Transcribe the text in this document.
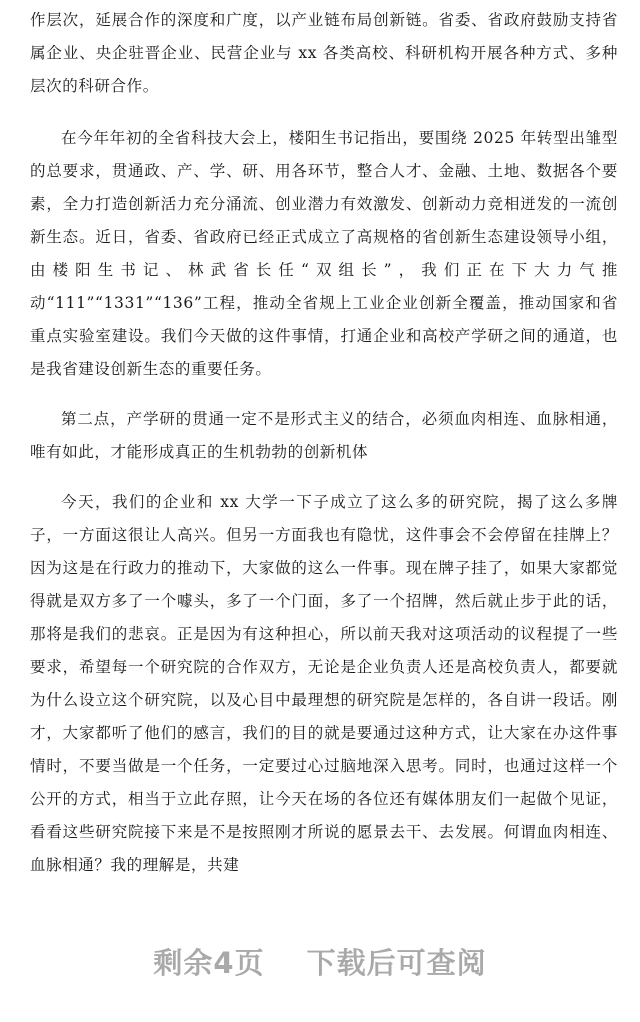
作层次，延展合作的深度和广度，以产业链布局创新链。省委、省政府鼓励支持省属企业、央企驻晋企业、民营企业与 xx 各类高校、科研机构开展各种方式、多种层次的科研合作。

在今年年初的全省科技大会上，楼阳生书记指出，要围绕 2025 年转型出雏型的总要求，贯通政、产、学、研、用各环节，整合人才、金融、土地、数据各个要素，全力打造创新活力充分涌流、创业潜力有效激发、创新动力竞相迸发的一流创新生态。近日，省委、省政府已经正式成立了高规格的省创新生态建设领导小组，由楼阳生书记、林武省长任“双组长”，我们正在下大力气推动“111”“1331”“136”工程，推动全省规上工业企业创新全覆盖，推动国家和省重点实验室建设。我们今天做的这件事情，打通企业和高校产学研之间的通道，也是我省建设创新生态的重要任务。

第二点，产学研的贯通一定不是形式主义的结合，必须血肉相连、血脉相通，唯有如此，才能形成真正的生机勃勃的创新机体

今天，我们的企业和 xx 大学一下子成立了这么多的研究院，揭了这么多牌子，一方面这很让人高兴。但另一方面我也有隐忧，这件事会不会停留在挂牌上？因为这是在行政力的推动下，大家做的这么一件事。现在牌子挂了，如果大家都觉得就是双方多了一个噱头，多了一个门面，多了一个招牌，然后就止步于此的话，那将是我们的悲哀。正是因为有这种担心，所以前天我对这项活动的议程提了一些要求，希望每一个研究院的合作双方，无论是企业负责人还是高校负责人，都要就为什么设立这个研究院，以及心目中最理想的研究院是怎样的，各自讲一段话。刚才，大家都听了他们的感言，我们的目的就是要通过这种方式，让大家在办这件事情时，不要当做是一个任务，一定要过心过脑地深入思考。同时，也通过这样一个公开的方式，相当于立此存照，让今天在场的各位还有媒体朋友们一起做个见证，看看这些研究院接下来是不是按照刚才所说的愿景去干、去发展。何谓血肉相连、血脉相通？我的理解是，共建

剩余4页 下载后可查阅
